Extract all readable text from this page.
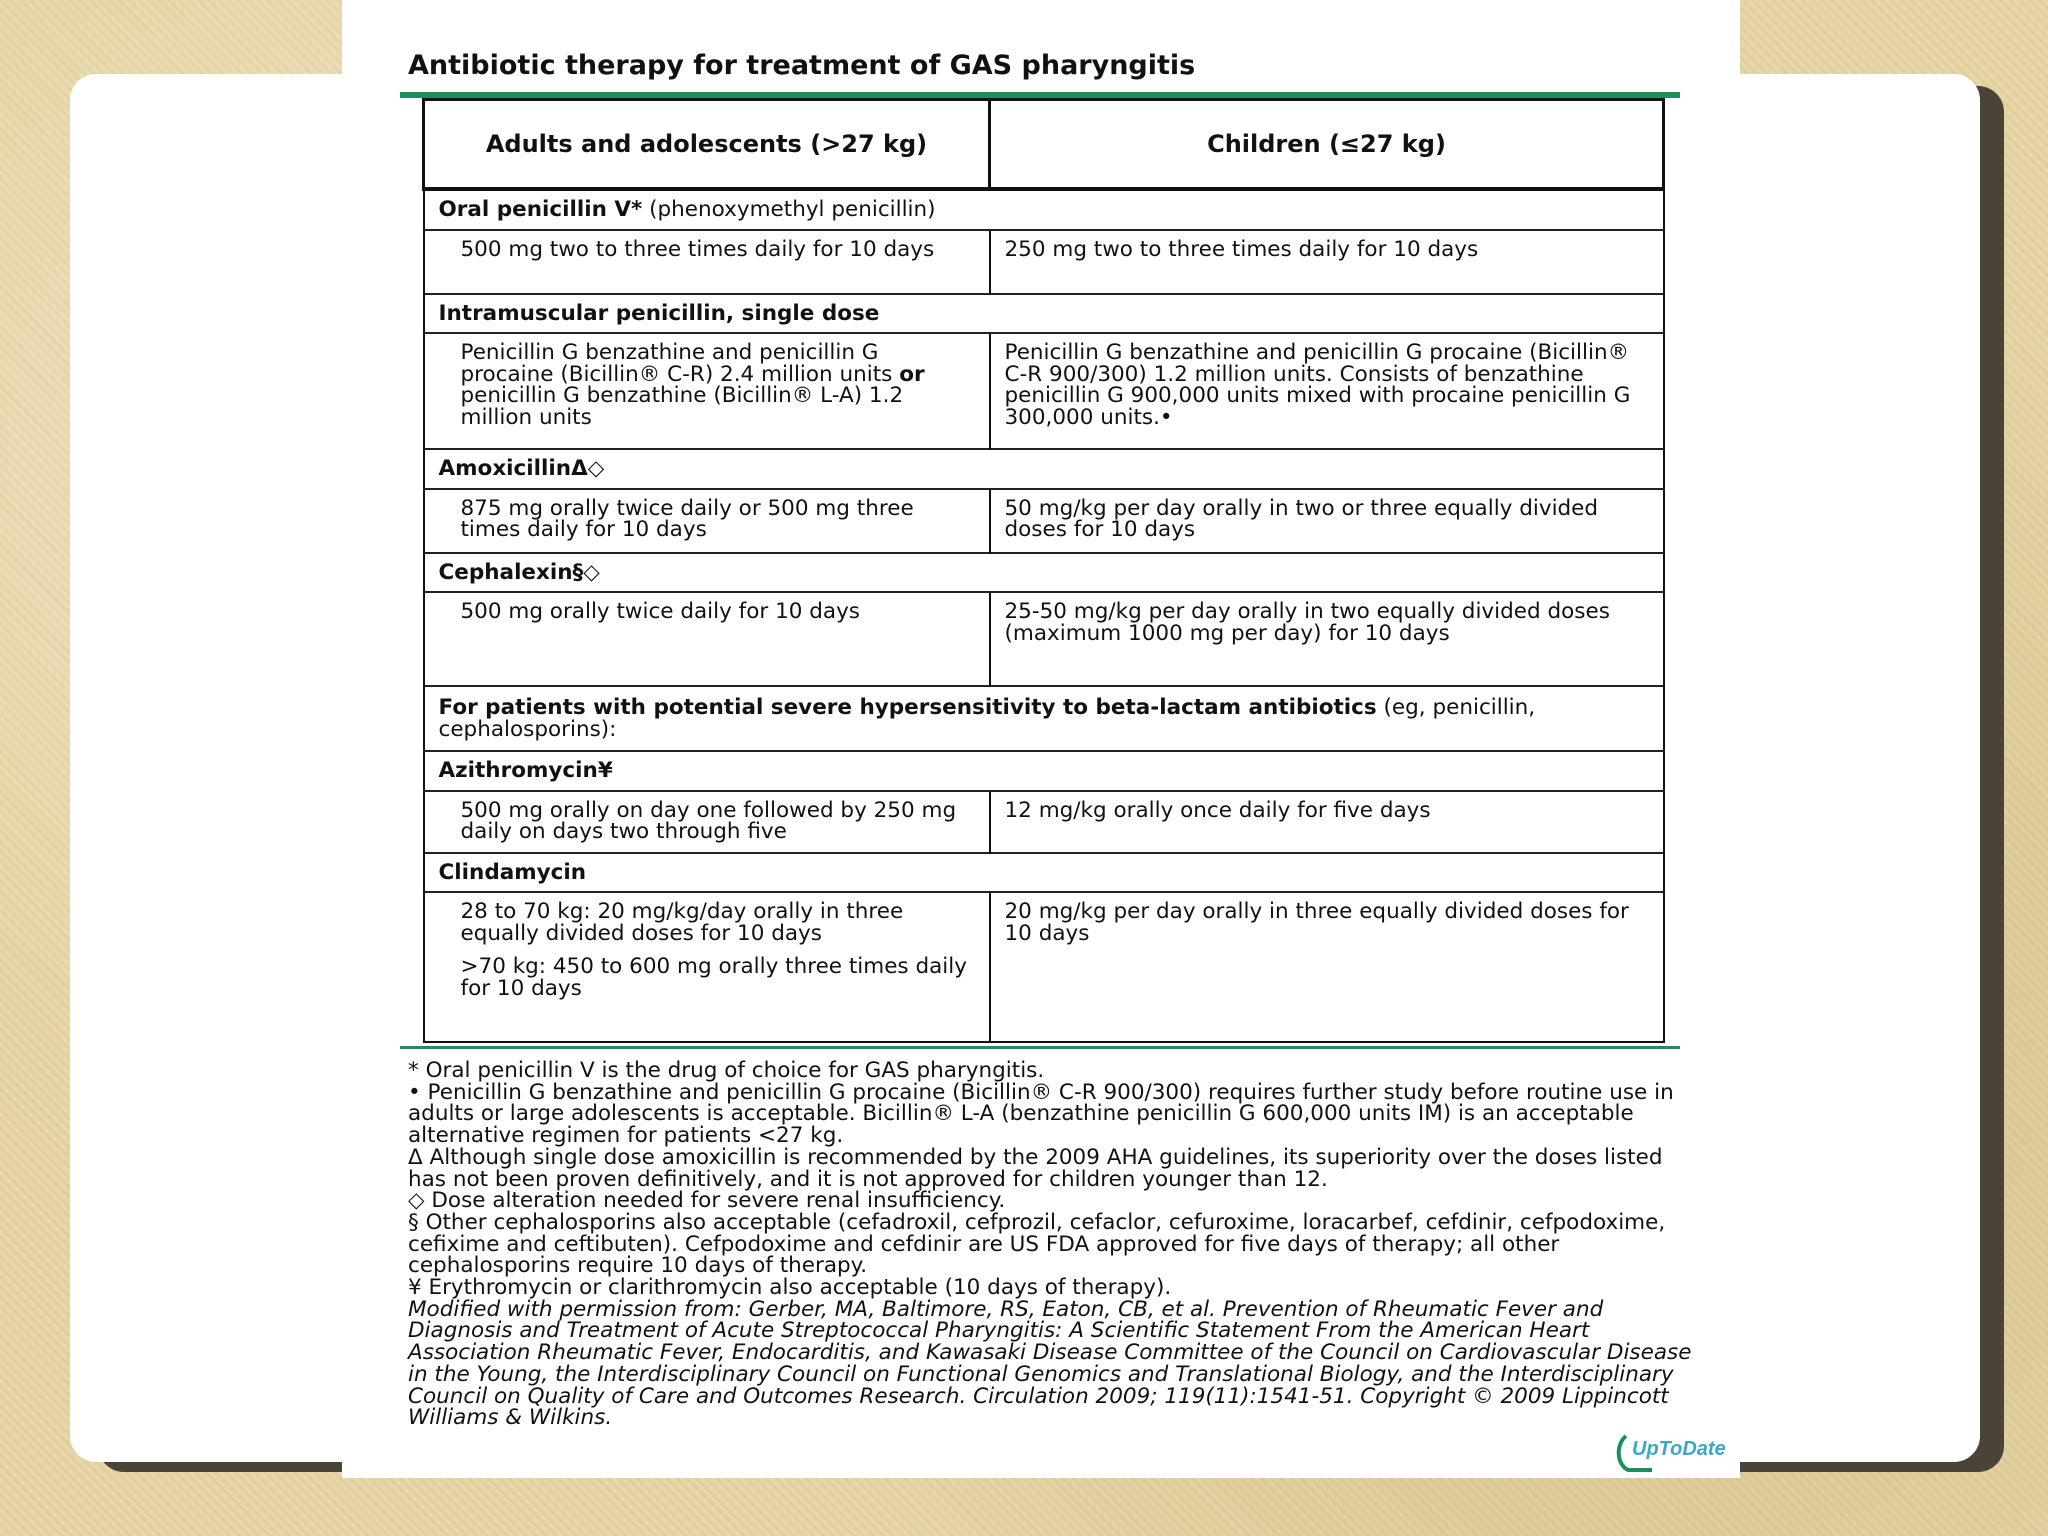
Antibiotic therapy for treatment of GAS pharyngitis
Adults and adolescents (>27 kg)	Children (≤27 kg)
Oral penicillin V* (phenoxymethyl penicillin)	
500 mg two to three times daily for 10 days	250 mg two to three times daily for 10 days
Intramuscular penicillin, single dose	
Penicillin G benzathine and penicillin G procaine (Bicillin® C-R) 2.4 million units or penicillin G benzathine (Bicillin® L-A) 1.2 million units	Penicillin G benzathine and penicillin G procaine (Bicillin® C-R 900/300) 1.2 million units. Consists of benzathine penicillin G 900,000 units mixed with procaine penicillin G 300,000 units.•
AmoxicillinΔ◇	
875 mg orally twice daily or 500 mg three times daily for 10 days	50 mg/kg per day orally in two or three equally divided doses for 10 days
Cephalexin§◇	
500 mg orally twice daily for 10 days	25-50 mg/kg per day orally in two equally divided doses (maximum 1000 mg per day) for 10 days
For patients with potential severe hypersensitivity to beta-lactam antibiotics (eg, penicillin, cephalosporins):	
Azithromycin¥	
500 mg orally on day one followed by 250 mg daily on days two through five	12 mg/kg orally once daily for five days
Clindamycin	

28 to 70 kg: 20 mg/kg/day orally in three equally divided doses for 10 days
>70 kg: 450 to 600 mg orally three times daily for 10 days	20 mg/kg per day orally in three equally divided doses for 10 days

* Oral penicillin V is the drug of choice for GAS pharyngitis.

• Penicillin G benzathine and penicillin G procaine (Bicillin® C-R 900/300) requires further study before routine use in adults or large adolescents is acceptable. Bicillin® L-A (benzathine penicillin G 600,000 units IM) is an acceptable alternative regimen for patients <27 kg.

Δ Although single dose amoxicillin is recommended by the 2009 AHA guidelines, its superiority over the doses listed has not been proven definitively, and it is not approved for children younger than 12.

◇ Dose alteration needed for severe renal insufficiency.

§ Other cephalosporins also acceptable (cefadroxil, cefprozil, cefaclor, cefuroxime, loracarbef, cefdinir, cefpodoxime, cefixime and ceftibuten). Cefpodoxime and cefdinir are US FDA approved for five days of therapy; all other cephalosporins require 10 days of therapy.

¥ Erythromycin or clarithromycin also acceptable (10 days of therapy).

Modified with permission from: Gerber, MA, Baltimore, RS, Eaton, CB, et al. Prevention of Rheumatic Fever and Diagnosis and Treatment of Acute Streptococcal Pharyngitis: A Scientific Statement From the American Heart Association Rheumatic Fever, Endocarditis, and Kawasaki Disease Committee of the Council on Cardiovascular Disease in the Young, the Interdisciplinary Council on Functional Genomics and Translational Biology, and the Interdisciplinary Council on Quality of Care and Outcomes Research. Circulation 2009; 119(11):1541-51. Copyright © 2009 Lippincott Williams & Wilkins.

UpToDate
